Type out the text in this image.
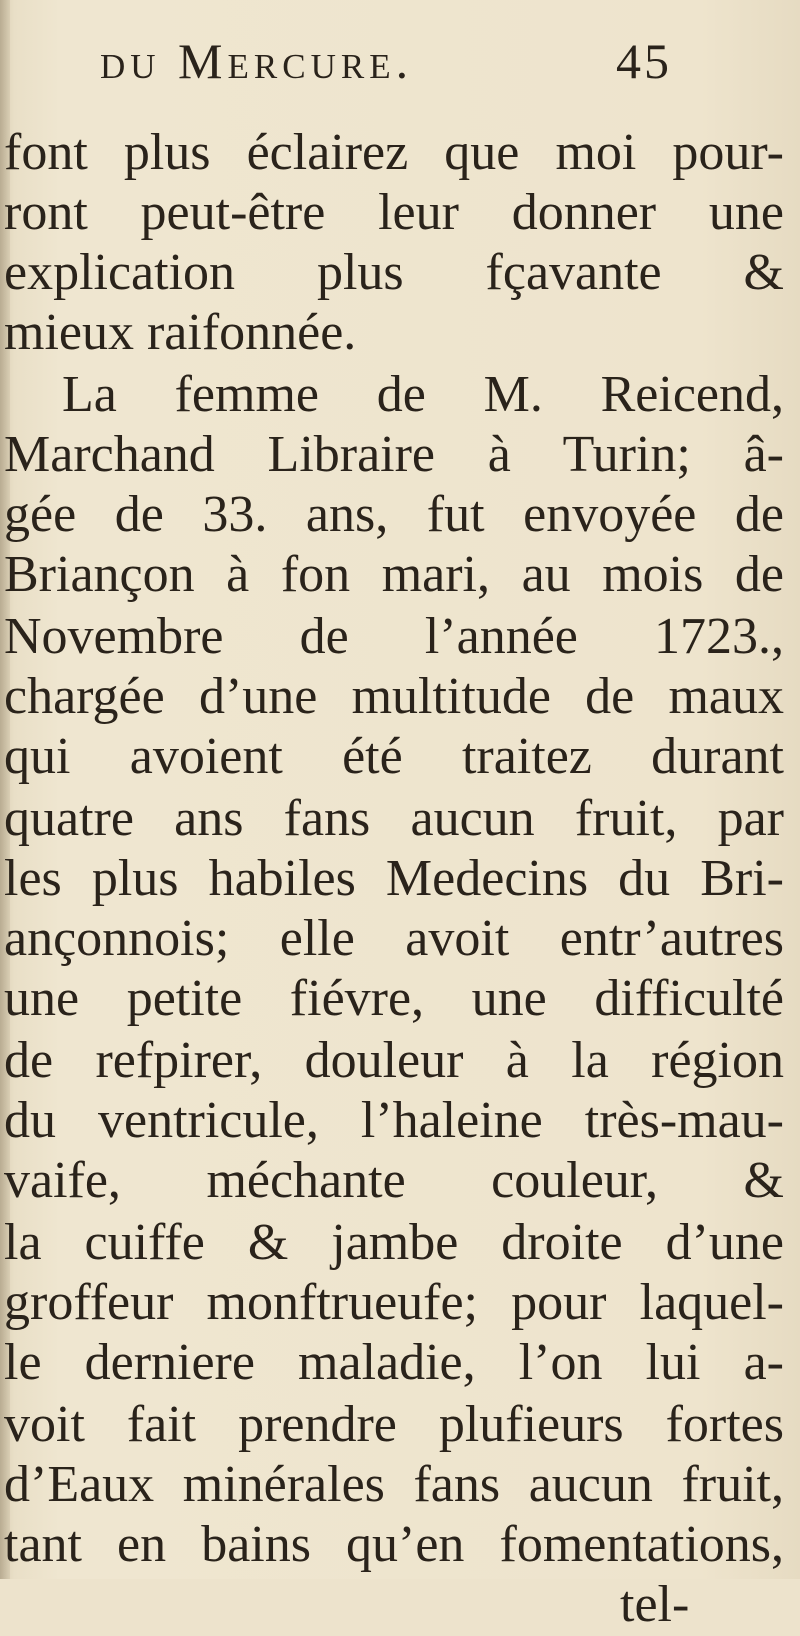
du Mercure.	45
font plus éclairez que moi pour-
ront peut-être leur donner une
explication plus fçavante &
mieux raifonnée.
La femme de M. Reicend,
Marchand Libraire à Turin; â-
gée de 33. ans, fut envoyée de
Briançon à fon mari, au mois de
Novembre de l’année 1723.,
chargée d’une multitude de maux
qui avoient été traitez durant
quatre ans fans aucun fruit, par
les plus habiles Medecins du Bri-
ançonnois; elle avoit entr’autres
une petite fiévre, une difficulté
de refpirer, douleur à la région
du ventricule, l’haleine très-mau-
vaife, méchante couleur, &
la cuiffe & jambe droite d’une
groffeur monftrueufe; pour laquel-
le derniere maladie, l’on lui a-
voit fait prendre plufieurs fortes
d’Eaux minérales fans aucun fruit,
tant en bains qu’en fomentations,
tel-
